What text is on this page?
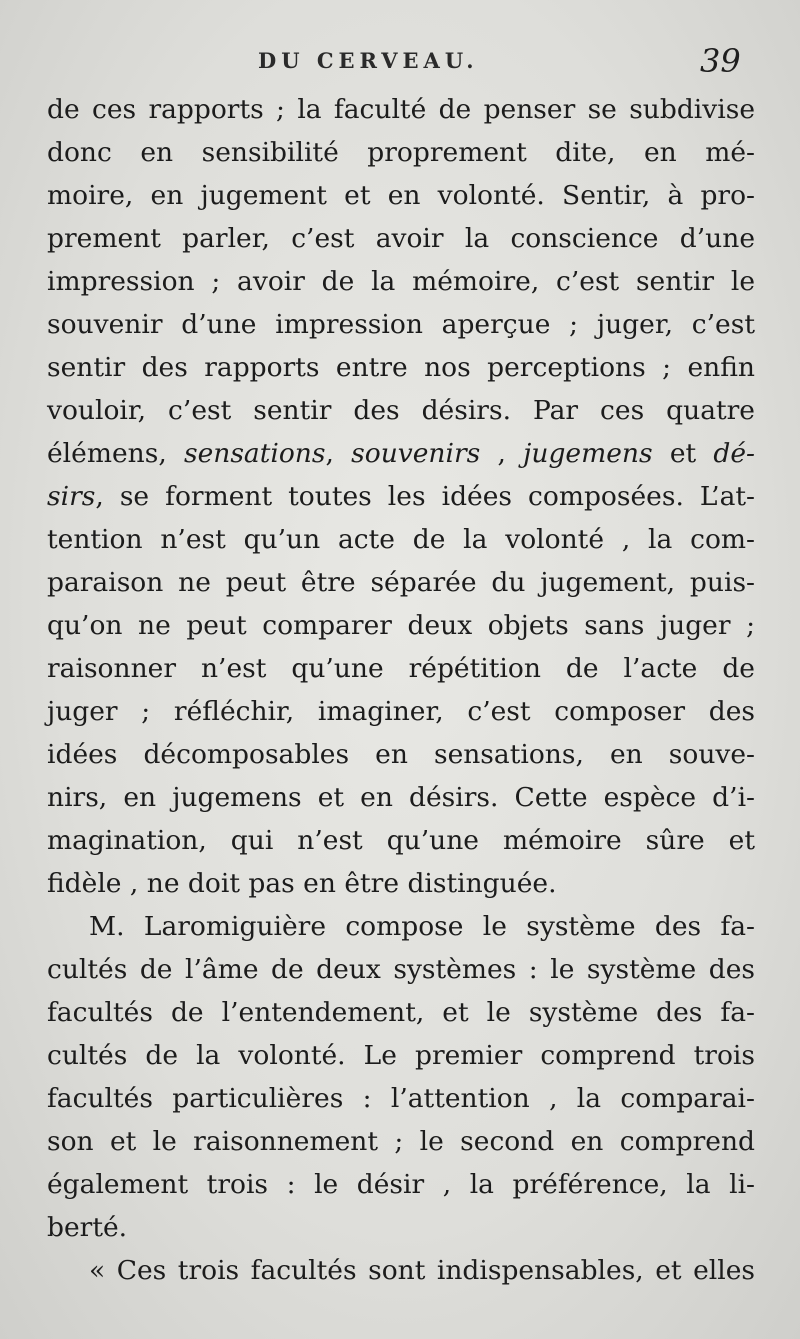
DU CERVEAU.	39
de ces rapports ; la faculté de penser se subdivise
donc en sensibilité proprement dite, en mé-
moire, en jugement et en volonté. Sentir, à pro-
prement parler, c’est avoir la conscience d’une
impression ; avoir de la mémoire, c’est sentir le
souvenir d’une impression aperçue ; juger, c’est
sentir des rapports entre nos perceptions ; enfin
vouloir, c’est sentir des désirs. Par ces quatre
élémens, sensations, souvenirs , jugemens et dé-
sirs, se forment toutes les idées composées. L’at-
tention n’est qu’un acte de la volonté , la com-
paraison ne peut être séparée du jugement, puis-
qu’on ne peut comparer deux objets sans juger ;
raisonner n’est qu’une répétition de l’acte de
juger ; réfléchir, imaginer, c’est composer des
idées décomposables en sensations, en souve-
nirs, en jugemens et en désirs. Cette espèce d’i-
magination, qui n’est qu’une mémoire sûre et
fidèle , ne doit pas en être distinguée.
M. Laromiguière compose le système des fa-
cultés de l’âme de deux systèmes : le système des
facultés de l’entendement, et le système des fa-
cultés de la volonté. Le premier comprend trois
facultés particulières : l’attention , la comparai-
son et le raisonnement ; le second en comprend
également trois : le désir , la préférence, la li-
berté.
« Ces trois facultés sont indispensables, et elles
